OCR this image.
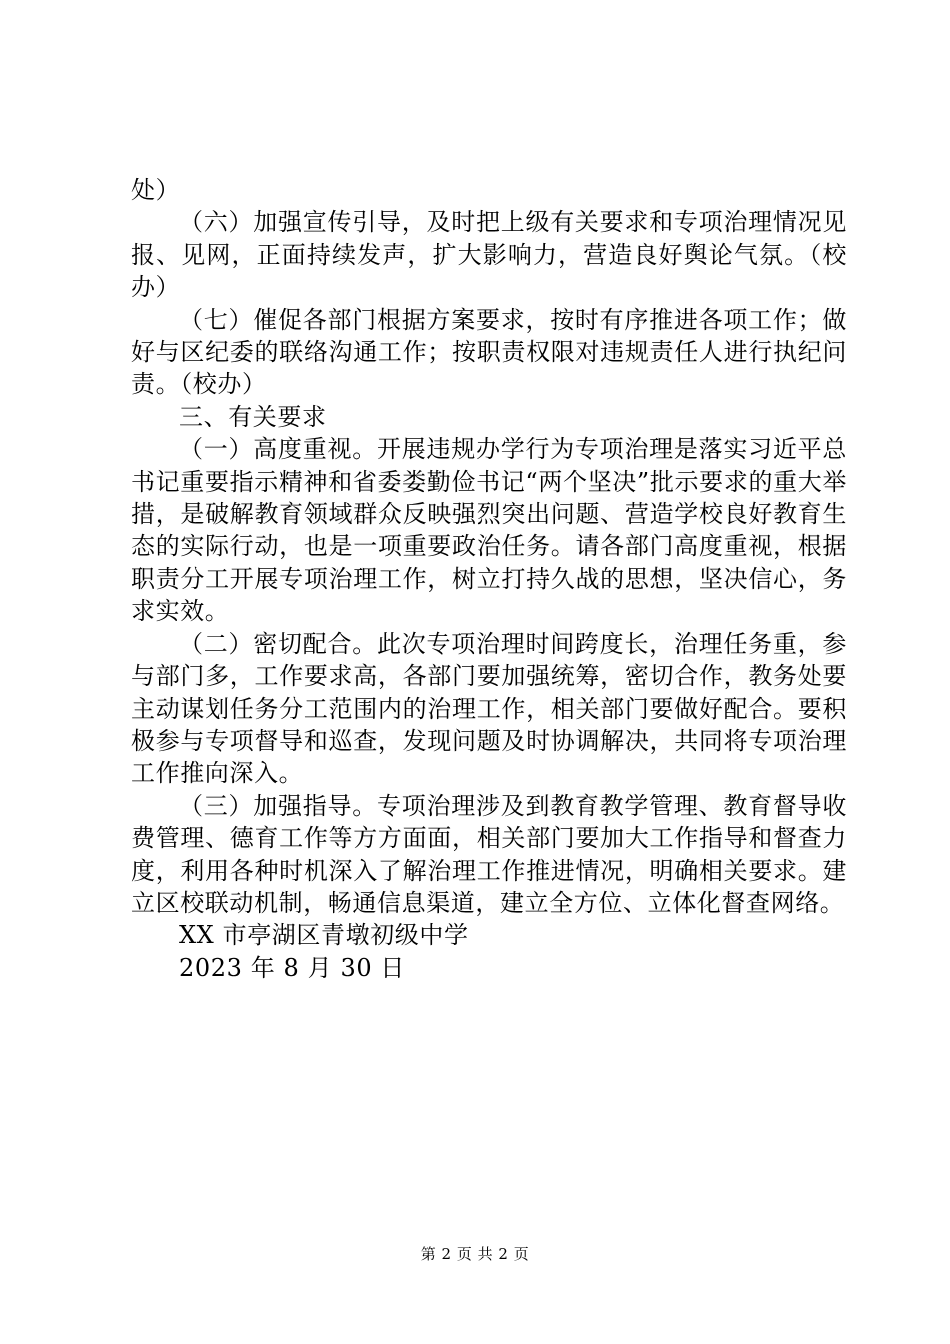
处）

（六）加强宣传引导，及时把上级有关要求和专项治理情况见报、见网，正面持续发声，扩大影响力，营造良好舆论气氛。（校办）

（七）催促各部门根据方案要求，按时有序推进各项工作；做好与区纪委的联络沟通工作；按职责权限对违规责任人进行执纪问责。（校办）

三、有关要求

（一）高度重视。开展违规办学行为专项治理是落实习近平总书记重要指示精神和省委娄勤俭书记“两个坚决”批示要求的重大举措，是破解教育领域群众反映强烈突出问题、营造学校良好教育生态的实际行动，也是一项重要政治任务。请各部门高度重视，根据职责分工开展专项治理工作，树立打持久战的思想，坚决信心，务求实效。

（二）密切配合。此次专项治理时间跨度长，治理任务重，参与部门多，工作要求高，各部门要加强统筹，密切合作，教务处要主动谋划任务分工范围内的治理工作，相关部门要做好配合。要积极参与专项督导和巡查，发现问题及时协调解决，共同将专项治理工作推向深入。

（三）加强指导。专项治理涉及到教育教学管理、教育督导收费管理、德育工作等方方面面，相关部门要加大工作指导和督查力度，利用各种时机深入了解治理工作推进情况，明确相关要求。建立区校联动机制，畅通信息渠道，建立全方位、立体化督查网络。

XX 市亭湖区青墩初级中学

2023 年 8 月 30 日

第 2 页 共 2 页
